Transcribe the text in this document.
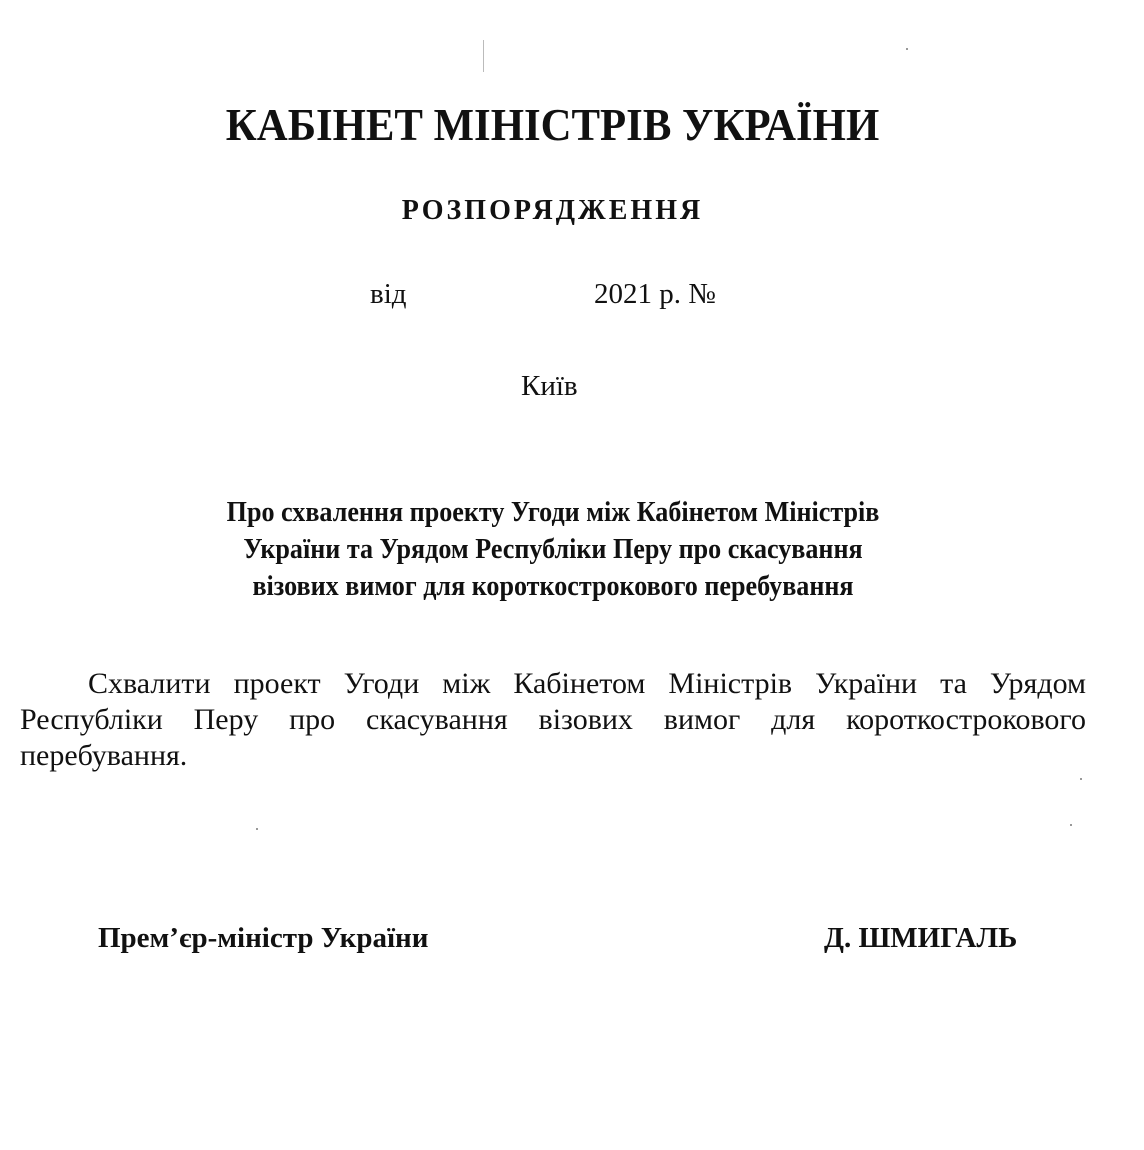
КАБІНЕТ МІНІСТРІВ УКРАЇНИ
РОЗПОРЯДЖЕННЯ
від	2021 р. №
Київ
Про схвалення проекту Угоди між Кабінетом Міністрів
України та Урядом Республіки Перу про скасування
візових вимог для короткострокового перебування
Схвалити проект Угоди між Кабінетом Міністрів України та Урядом
Республіки Перу про скасування візових вимог для короткострокового
перебування.
Прем’єр-міністр України	Д. ШМИГАЛЬ
